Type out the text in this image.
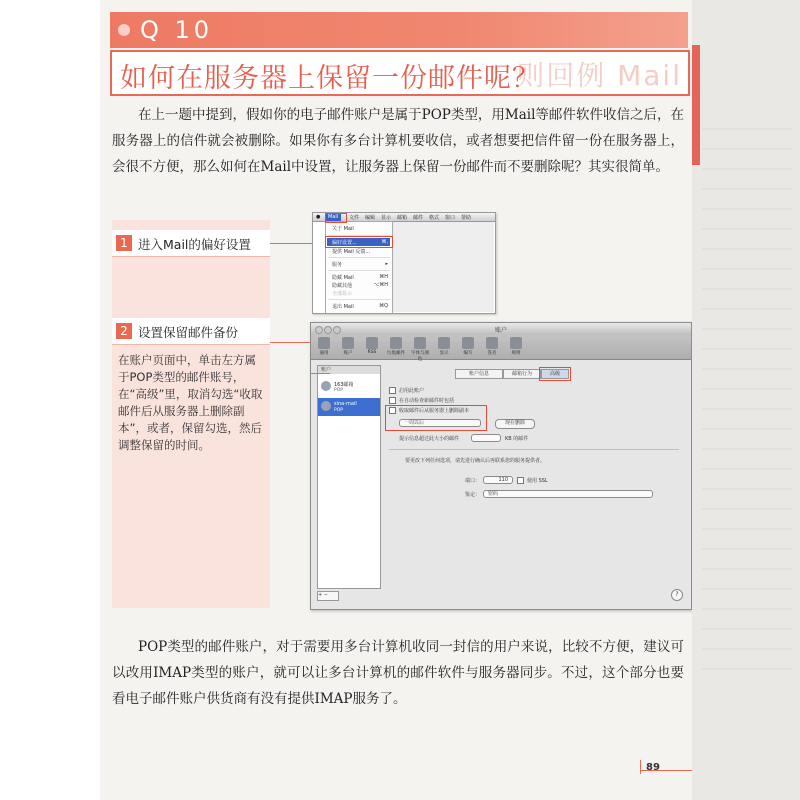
Q 10
则回例 Mail
如何在服务器上保留一份邮件呢？
在上一题中提到，假如你的电子邮件账户是属于POP类型，用Mail等邮件软件收信之后，在服务器上的信件就会被删除。如果你有多台计算机要收信，或者想要把信件留一份在服务器上，会很不方便，那么如何在Mail中设置，让服务器上保留一份邮件而不要删除呢？其实很简单。
1 进入Mail的偏好设置
2 设置保留邮件备份
在账户页面中，单击左方属于POP类型的邮件账号，在“高级”里，取消勾选“收取邮件后从服务器上删除副本”，或者，保留勾选，然后调整保留的时间。
●	Mail	文件 编辑 显示 邮箱 邮件 格式 窗口 帮助
关于 Mail
偏好设置...	⌘,
提供 Mail 反馈...
服务	▸
隐藏 Mail	⌘H
隐藏其他	⌥⌘H
全部显示
退出 Mail	⌘Q
账户
通用	账户	RSS	垃圾邮件	字体与颜色
显示	编写	签名	规则
账户
163邮箱
POP
sina-mail
POP
+ −	?
账户信息	邮箱行为	高级
启用此账户
在自动检查新邮件时包括
收取邮件后从服务器上删除副本
一周以后	现在删除
提示信息超过此大小的邮件	KB 的邮件
要更改下列任何选项，请先进行确认后再联系您的服务提供者。
端口：	110	使用 SSL
鉴定：	密码
POP类型的邮件账户，对于需要用多台计算机收同一封信的用户来说，比较不方便，建议可以改用IMAP类型的账户，就可以让多台计算机的邮件软件与服务器同步。不过，这个部分也要看电子邮件账户供货商有没有提供IMAP服务了。
89
